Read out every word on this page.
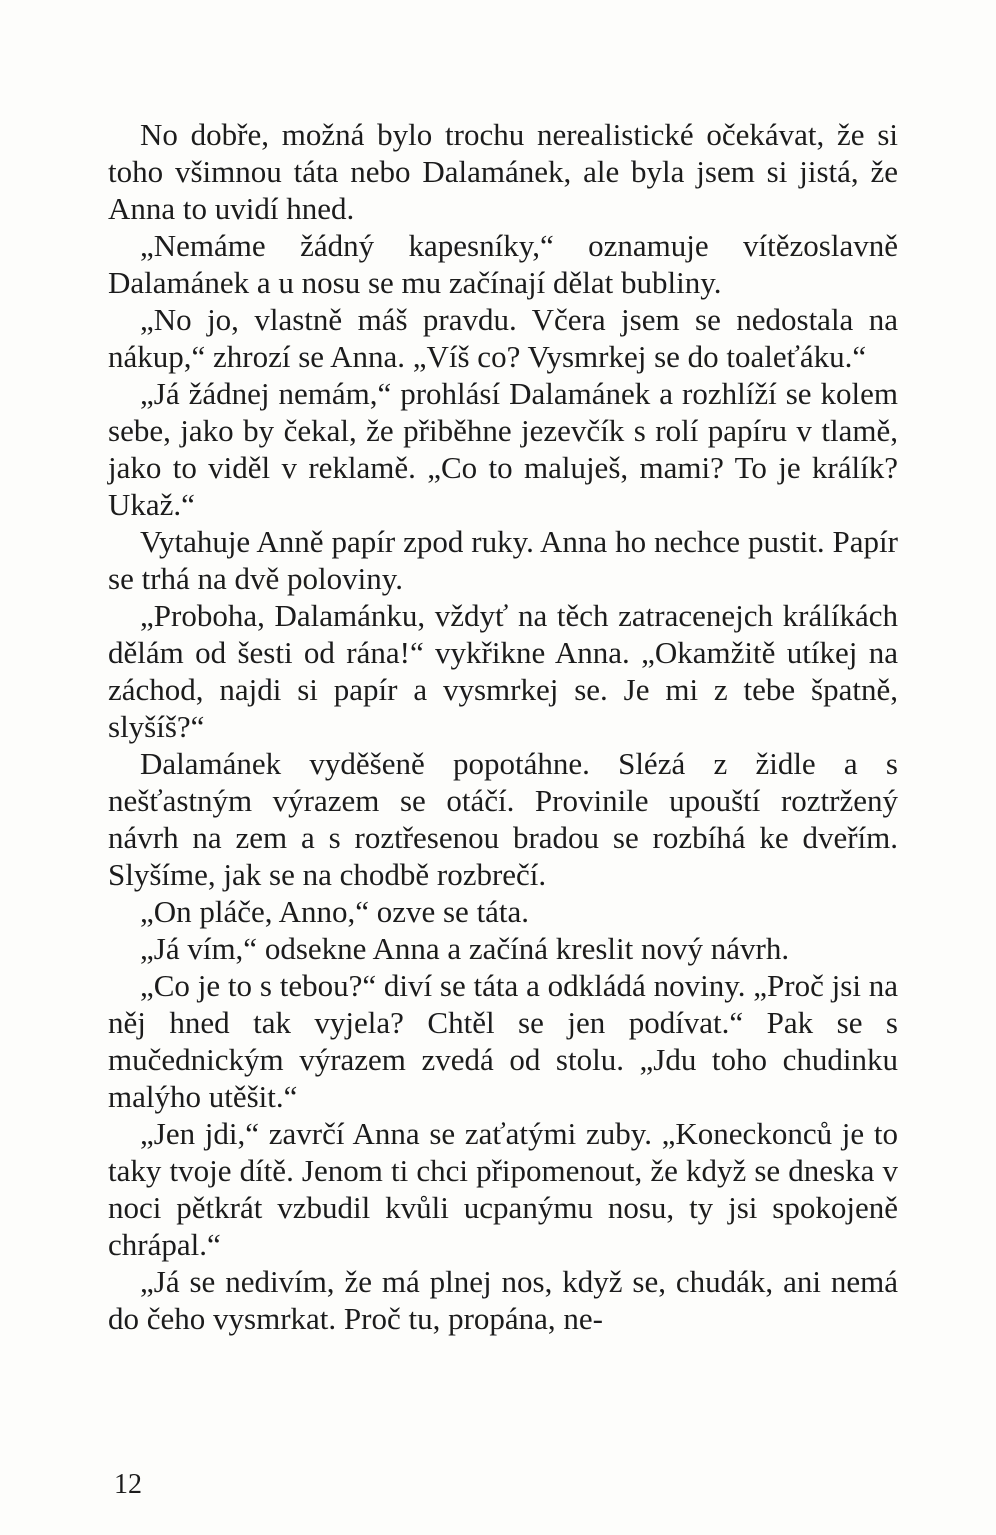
No dobře, možná bylo trochu nerealistické očekávat, že si toho všimnou táta nebo Dalamánek, ale byla jsem si jistá, že Anna to uvidí hned.

„Nemáme žádný kapesníky,“ oznamuje vítězoslavně Dalamánek a u nosu se mu začínají dělat bubliny.

„No jo, vlastně máš pravdu. Včera jsem se nedostala na nákup,“ zhrozí se Anna. „Víš co? Vysmrkej se do toaleťáku.“

„Já žádnej nemám,“ prohlásí Dalamánek a rozhlíží se kolem sebe, jako by čekal, že přiběhne jezevčík s rolí papíru v tlamě, jako to viděl v reklamě. „Co to maluješ, mami? To je králík? Ukaž.“

Vytahuje Anně papír zpod ruky. Anna ho nechce pustit. Papír se trhá na dvě poloviny.

„Proboha, Dalamánku, vždyť na těch zatracenejch králíkách dělám od šesti od rána!“ vykřikne Anna. „Okamžitě utíkej na záchod, najdi si papír a vysmrkej se. Je mi z tebe špatně, slyšíš?“

Dalamánek vyděšeně popotáhne. Slézá z židle a s nešťastným výrazem se otáčí. Provinile upouští roztržený návrh na zem a s roztřesenou bradou se rozbíhá ke dveřím. Slyšíme, jak se na chodbě rozbrečí.

„On pláče, Anno,“ ozve se táta.

„Já vím,“ odsekne Anna a začíná kreslit nový návrh.

„Co je to s tebou?“ diví se táta a odkládá noviny. „Proč jsi na něj hned tak vyjela? Chtěl se jen podívat.“ Pak se s mučednickým výrazem zvedá od stolu. „Jdu toho chudinku malýho utěšit.“

„Jen jdi,“ zavrčí Anna se zaťatými zuby. „Koneckonců je to taky tvoje dítě. Jenom ti chci připomenout, že když se dneska v noci pětkrát vzbudil kvůli ucpanýmu nosu, ty jsi spokojeně chrápal.“

„Já se nedivím, že má plnej nos, když se, chudák, ani nemá do čeho vysmrkat. Proč tu, propána, ne-

12
